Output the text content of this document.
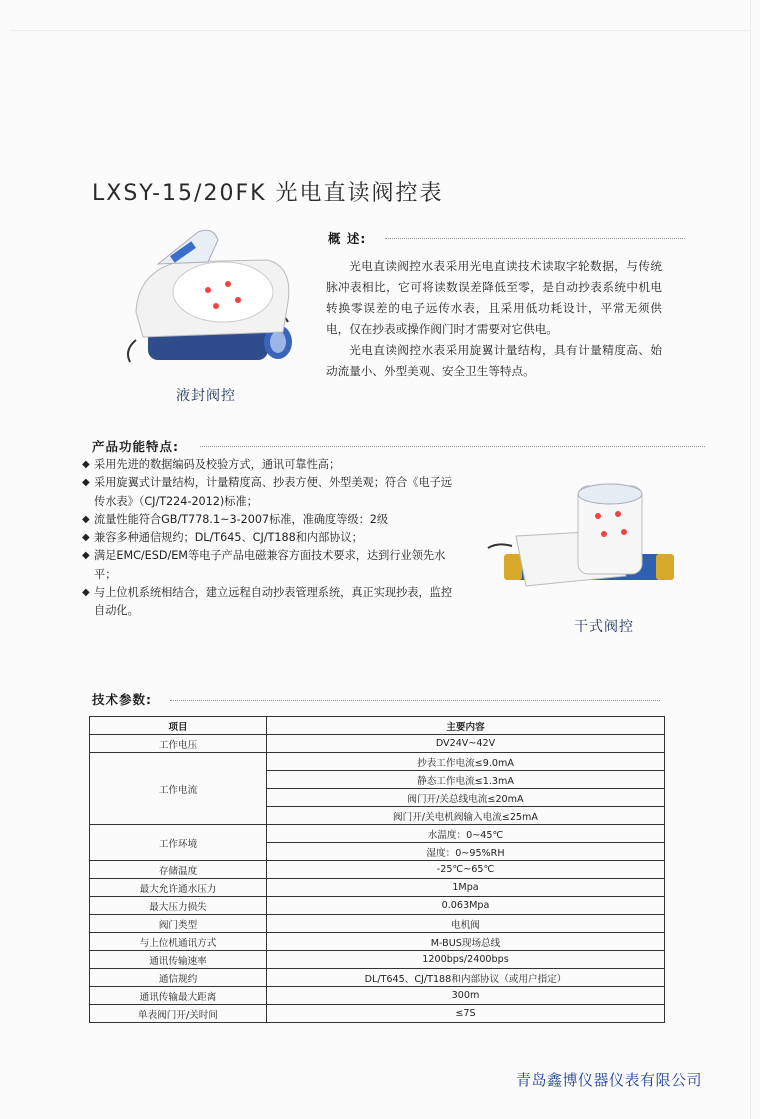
LXSY-15/20FK 光电直读阀控表
液封阀控
概 述:

光电直读阀控水表采用光电直读技术读取字轮数据，与传统脉冲表相比，它可将读数误差降低至零，是自动抄表系统中机电转换零误差的电子远传水表，且采用低功耗设计，平常无须供电，仅在抄表或操作阀门时才需要对它供电。

光电直读阀控水表采用旋翼计量结构，具有计量精度高、始动流量小、外型美观、安全卫生等特点。

产品功能特点:
◆ 采用先进的数据编码及校验方式，通讯可靠性高；
◆ 采用旋翼式计量结构，计量精度高、抄表方便、外型美观；符合《电子远传水表》（CJ/T224-2012)标准；
◆ 流量性能符合GB/T778.1~3-2007标准，准确度等级：2级
◆ 兼容多种通信规约；DL/T645、CJ/T188和内部协议；
◆ 满足EMC/ESD/EM等电子产品电磁兼容方面技术要求，达到行业领先水平；
◆ 与上位机系统相结合，建立远程自动抄表管理系统，真正实现抄表，监控自动化。
干式阀控
技术参数:
项目	主要内容
工作电压	DV24V~42V
工作电流	抄表工作电流≤9.0mA
	静态工作电流≤1.3mA
	阀门开/关总线电流≤20mA
	阀门开/关电机阀输入电流≤25mA
工作环境	水温度：0~45℃
	湿度：0~95%RH
存储温度	-25℃~65℃
最大允许通水压力	1Mpa
最大压力损失	0.063Mpa
阀门类型	电机阀
与上位机通讯方式	M-BUS现场总线
通讯传输速率	1200bps/2400bps
通信规约	DL/T645、CJ/T188和内部协议（或用户指定）
通讯传输最大距离	300m
单表阀门开/关时间	≤7S
青岛鑫博仪器仪表有限公司
